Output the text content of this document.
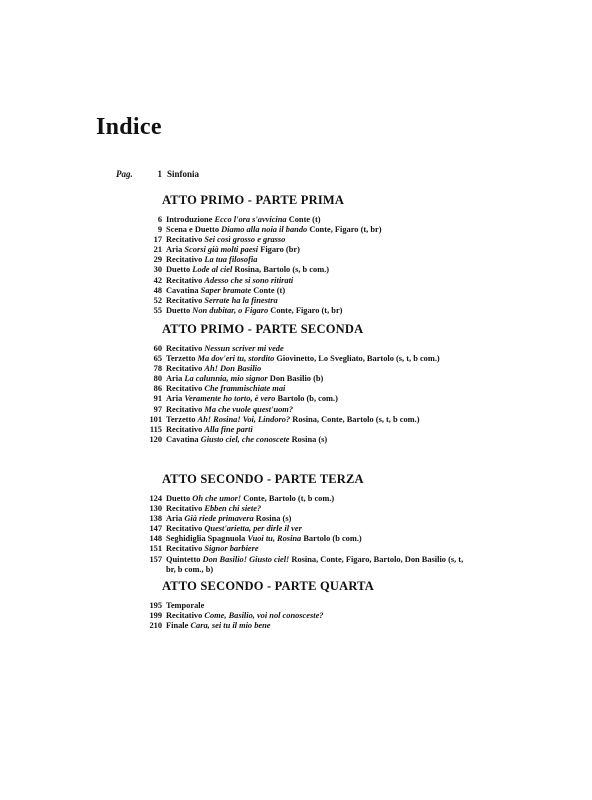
Indice
Pag.	1 Sinfonia
ATTO PRIMO - PARTE PRIMA
6 Introduzione Ecco l'ora s'avvicina Conte (t)
9 Scena e Duetto Diamo alla noia il bando Conte, Figaro (t, br)
17 Recitativo Sei così grosso e grasso
21 Aria Scorsi già molti paesi Figaro (br)
29 Recitativo La tua filosofia
30 Duetto Lode al ciel Rosina, Bartolo (s, b com.)
42 Recitativo Adesso che si sono ritirati
48 Cavatina Saper bramate Conte (t)
52 Recitativo Serrate ha la finestra
55 Duetto Non dubitar, o Figaro Conte, Figaro (t, br)
ATTO PRIMO - PARTE SECONDA
60 Recitativo Nessun scriver mi vede
65 Terzetto Ma dov'eri tu, stordito Giovinetto, Lo Svegliato, Bartolo (s, t, b com.)
78 Recitativo Ah! Don Basilio
80 Aria La calunnia, mio signor Don Basilio (b)
86 Recitativo Che frammischiate mai
91 Aria Veramente ho torto, è vero Bartolo (b, com.)
97 Recitativo Ma che vuole quest'uom?
101 Terzetto Ah! Rosina! Voi, Lindoro? Rosina, Conte, Bartolo (s, t, b com.)
115 Recitativo Alla fine partì
120 Cavatina Giusto ciel, che conoscete Rosina (s)
ATTO SECONDO - PARTE TERZA
124 Duetto Oh che umor! Conte, Bartolo (t, b com.)
130 Recitativo Ebben chi siete?
138 Aria Già riede primavera Rosina (s)
147 Recitativo Quest'arietta, per dirle il ver
148 Seghidiglia Spagnuola Vuoi tu, Rosina Bartolo (b com.)
151 Recitativo Signor barbiere
157 Quintetto Don Basilio! Giusto ciel! Rosina, Conte, Figaro, Bartolo, Don Basilio (s, t, br, b com., b)
ATTO SECONDO - PARTE QUARTA
195 Temporale
199 Recitativo Come, Basilio, voi nol conosceste?
210 Finale Cara, sei tu il mio bene
